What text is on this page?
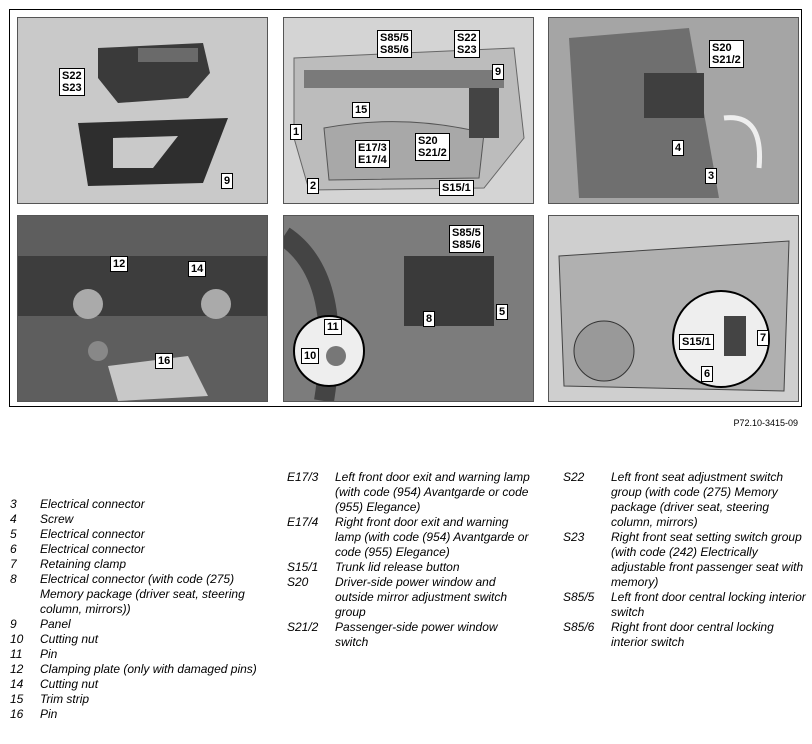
S22
S23
9
S85/5
S85/6
S22
S23
9
15
1
E17/3
E17/4
S20
S21/2
2	S15/1
S20
S21/2
4
3
12	14
16
S85/5
S85/6
8
5
11
10
S15/1	7
6
P72.10-3415-09
3	Electrical connector
4	Screw
5	Electrical connector
6	Electrical connector
7	Retaining clamp
8	Electrical connector (with code (275) Memory package (driver seat, steering column, mirrors))
9	Panel
10	Cutting nut
11	Pin
12	Clamping plate (only with damaged pins)
14	Cutting nut
15	Trim strip
16	Pin
E17/3	Left front door exit and warning lamp (with code (954) Avantgarde or code (955) Elegance)
E17/4	Right front door exit and warning lamp (with code (954) Avantgarde or code (955) Elegance)
S15/1	Trunk lid release button
S20	Driver-side power window and outside mirror adjustment switch group
S21/2	Passenger-side power window switch
S22	Left front seat adjustment switch group (with code (275) Memory package (driver seat, steering column, mirrors)
S23	Right front seat setting switch group (with code (242) Electrically adjustable front passenger seat with memory)
S85/5	Left front door central locking interior switch
S85/6	Right front door central locking interior switch
